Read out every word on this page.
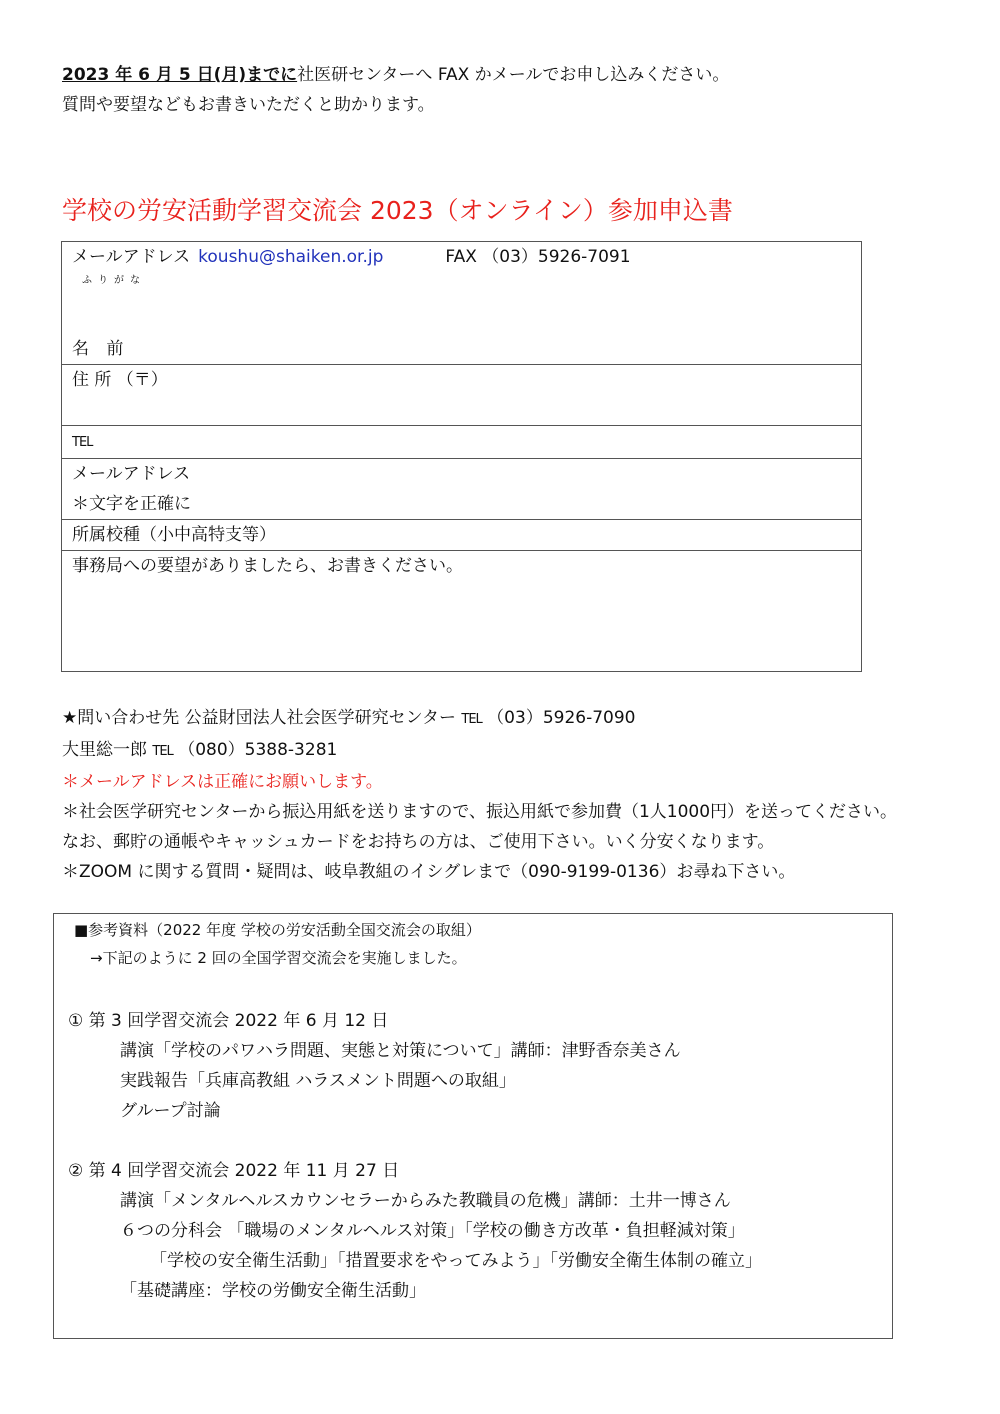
2023 年 6 月 5 日(月)までに社医研センターへ FAX かメールでお申し込みください。
質問や要望などもお書きいただくと助かります。
学校の労安活動学習交流会 2023（オンライン）参加申込書
メールアドレス koushu@shaiken.or.jp	FAX （03）5926-7091
ふりがな
名 前

住 所 （〒）
TEL

メールアドレス
＊文字を正確に

所属校種（小中高特支等）
事務局への要望がありましたら、お書きください。
★問い合わせ先 公益財団法人社会医学研究センター TEL （03）5926-7090
大里総一郎 TEL （080）5388-3281
＊メールアドレスは正確にお願いします。
＊社会医学研究センターから振込用紙を送りますので、振込用紙で参加費（1人1000円）を送ってください。
なお、郵貯の通帳やキャッシュカードをお持ちの方は、ご使用下さい。いく分安くなります。
＊ZOOM に関する質問・疑問は、岐阜教組のイシグレまで（090-9199-0136）お尋ね下さい。
■参考資料（2022 年度 学校の労安活動全国交流会の取組）
→下記のように 2 回の全国学習交流会を実施しました。
① 第 3 回学習交流会 2022 年 6 月 12 日
講演「学校のパワハラ問題、実態と対策について」講師：津野香奈美さん
実践報告「兵庫高教組 ハラスメント問題への取組」
グループ討論
② 第 4 回学習交流会 2022 年 11 月 27 日
講演「メンタルヘルスカウンセラーからみた教職員の危機」講師：土井一博さん
６つの分科会 「職場のメンタルヘルス対策」「学校の働き方改革・負担軽減対策」
「学校の安全衛生活動」「措置要求をやってみよう」「労働安全衛生体制の確立」
「基礎講座：学校の労働安全衛生活動」
